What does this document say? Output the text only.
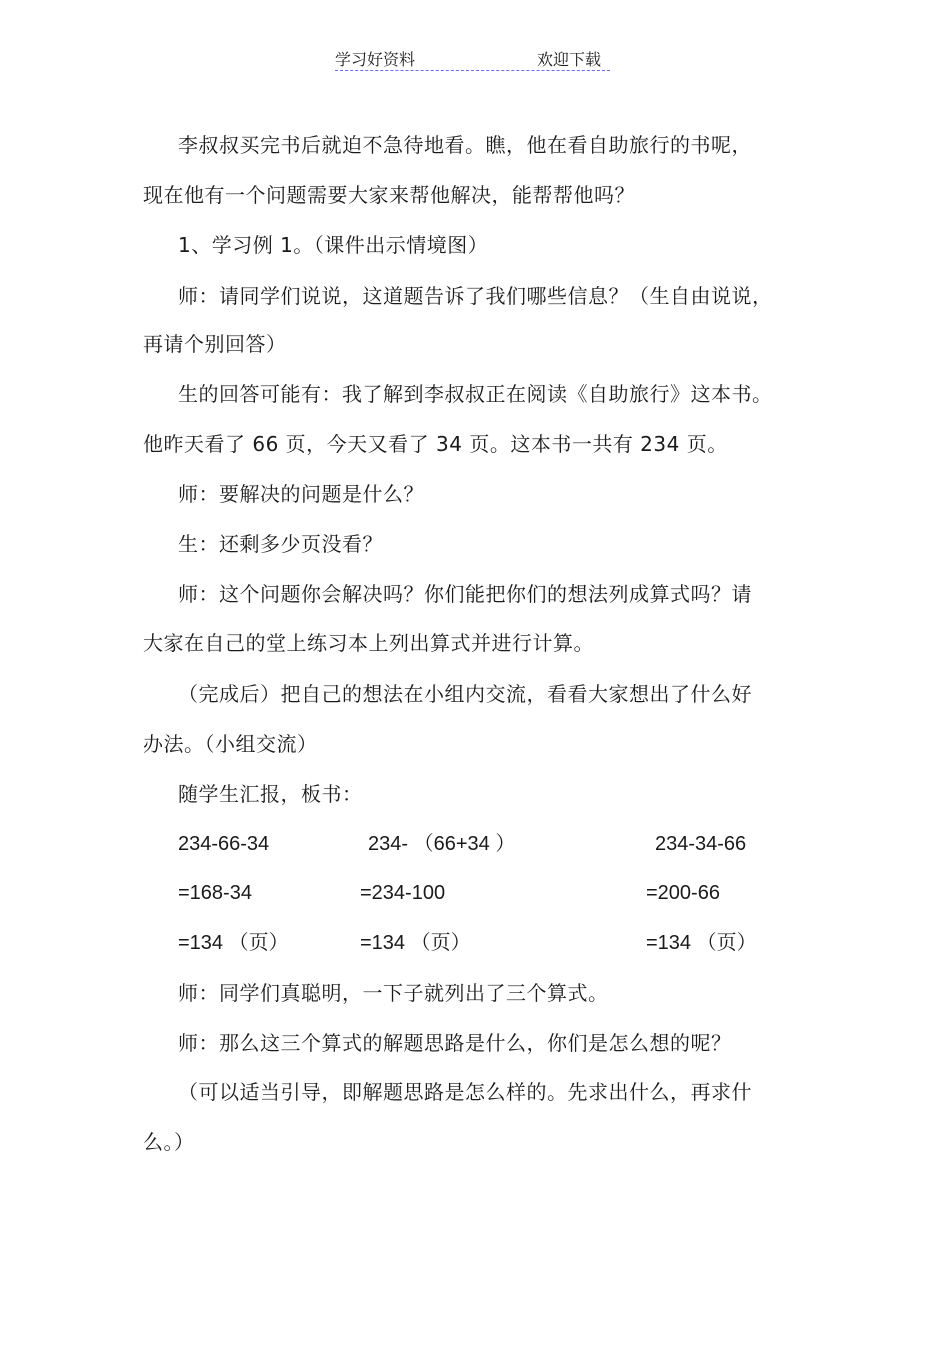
学习好资料	欢迎下载
李叔叔买完书后就迫不急待地看。瞧，他在看自助旅行的书呢，
现在他有一个问题需要大家来帮他解决，能帮帮他吗？
1、学习例 1。（课件出示情境图）
师：请同学们说说，这道题告诉了我们哪些信息？（生自由说说，
再请个别回答）
生的回答可能有：我了解到李叔叔正在阅读《自助旅行》这本书。
他昨天看了 66 页，今天又看了 34 页。这本书一共有 234 页。
师：要解决的问题是什么？
生：还剩多少页没看？
师：这个问题你会解决吗？你们能把你们的想法列成算式吗？请
大家在自己的堂上练习本上列出算式并进行计算。
（完成后）把自己的想法在小组内交流，看看大家想出了什么好
办法。（小组交流）
随学生汇报，板书：
234-66-34	234- （66+34 ）	234-34-66
=168-34	=234-100	=200-66
=134 （页）	=134 （页）	=134 （页）
师：同学们真聪明，一下子就列出了三个算式。
师：那么这三个算式的解题思路是什么，你们是怎么想的呢？
（可以适当引导，即解题思路是怎么样的。先求出什么，再求什
么。）
